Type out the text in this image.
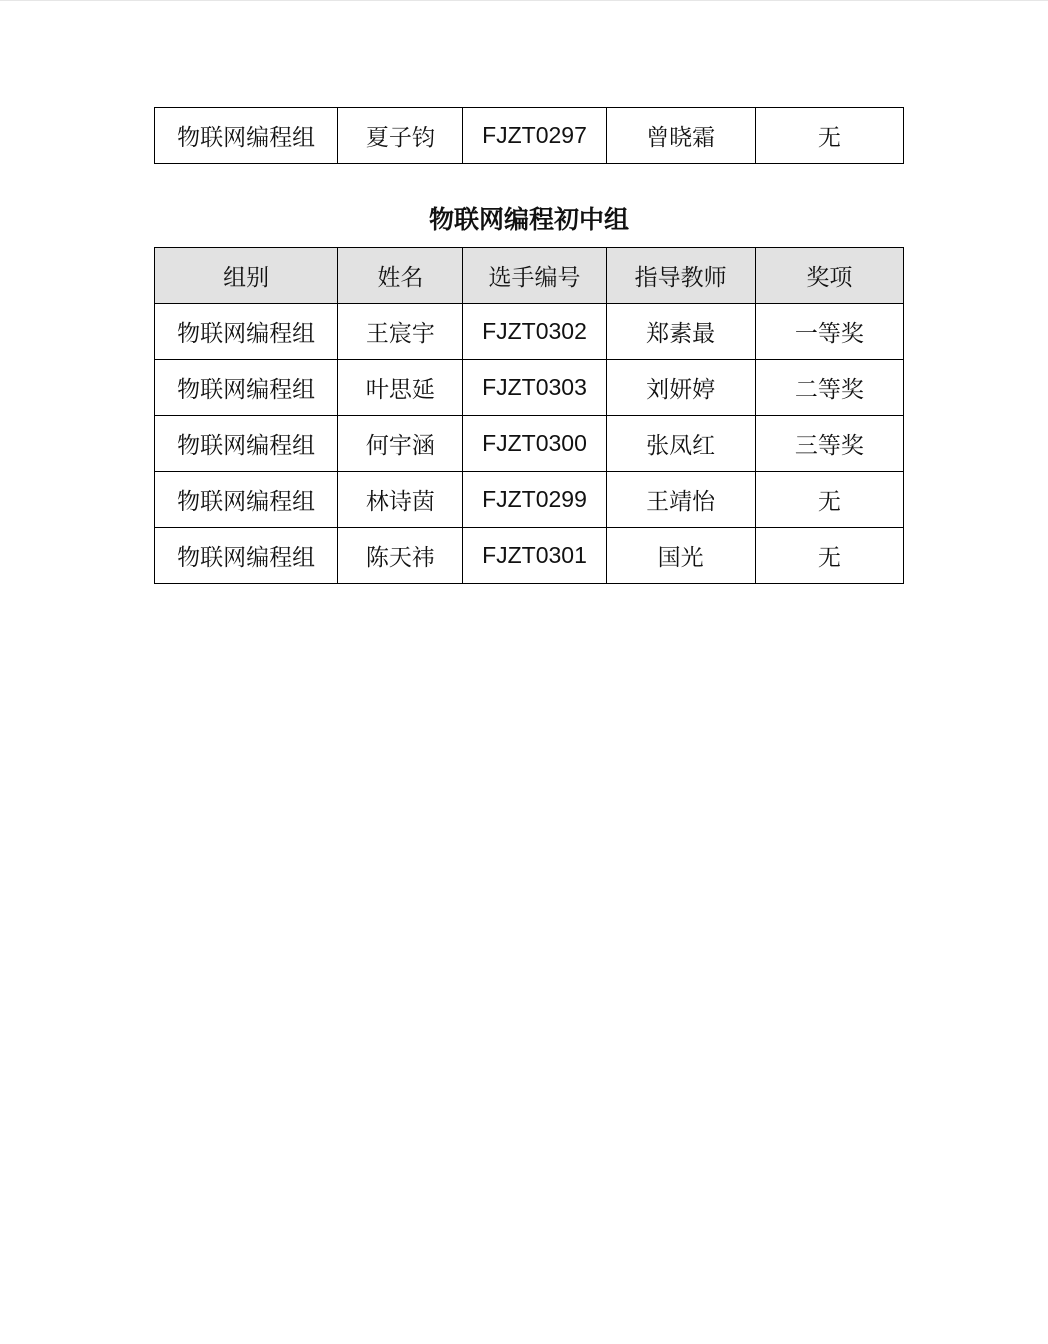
物联网编程组	夏子钧	FJZT0297	曾晓霜	无
物联网编程初中组
组别	姓名	选手编号	指导教师	奖项
物联网编程组	王宸宇	FJZT0302	郑素最	一等奖
物联网编程组	叶思延	FJZT0303	刘妍婷	二等奖
物联网编程组	何宇涵	FJZT0300	张凤红	三等奖
物联网编程组	林诗茵	FJZT0299	王靖怡	无
物联网编程组	陈天祎	FJZT0301	国光	无
